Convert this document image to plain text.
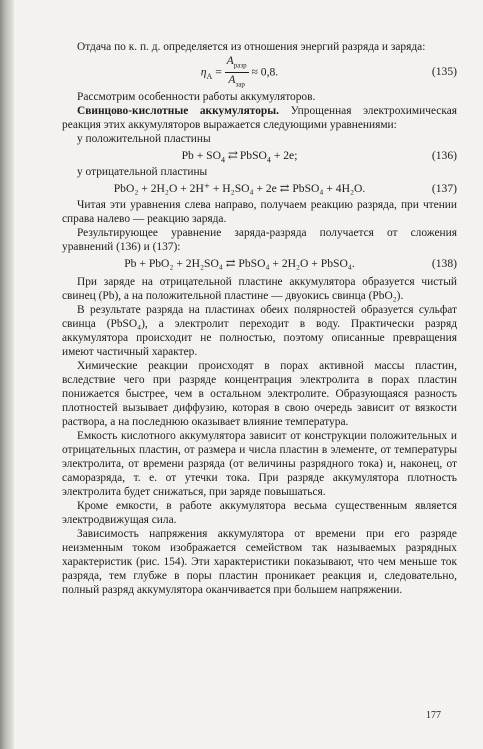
Отдача по к. п. д. определяется из отношения энергий разряда и заряда:

$\eta_A = \frac{A_{разр}}{A_{зар}} \approx 0,8$.	(135)

Рассмотрим особенности работы аккумуляторов.

Свинцово-кислотные аккумуляторы. Упрощенная электрохимическая реакция этих аккумуляторов выражается следующими уравнениями:

у положительной пластины

$Pb + SO_4$ ⇄ PbSO$_4$ + 2e;	(136)

у отрицательной пластины

PbO₂ + 2H₂O + 2H⁺ + H₂SO₄ + 2e ⇄ PbSO₄ + 4H₂O.	(137)

Читая эти уравнения слева направо, получаем реакцию разряда, при чтении справа налево — реакцию заряда.

Результирующее уравнение заряда-разряда получается от сложения уравнений (136) и (137):

Pb + PbO₂ + 2H₂SO₄ ⇄ PbSO₄ + 2H₂O + PbSO₄.	(138)

При заряде на отрицательной пластине аккумулятора образуется чистый свинец (Pb), а на положительной пластине — двуокись свинца (PbO₂).

В результате разряда на пластинах обеих полярностей образуется сульфат свинца (PbSO₄), а электролит переходит в воду. Практически разряд аккумулятора происходит не полностью, поэтому описанные превращения имеют частичный характер.

Химические реакции происходят в порах активной массы пластин, вследствие чего при разряде концентрация электролита в порах пластин понижается быстрее, чем в остальном электролите. Образующаяся разность плотностей вызывает диффузию, которая в свою очередь зависит от вязкости раствора, а на последнюю оказывает влияние температура.

Емкость кислотного аккумулятора зависит от конструкции положительных и отрицательных пластин, от размера и числа пластин в элементе, от температуры электролита, от времени разряда (от величины разрядного тока) и, наконец, от саморазряда, т. е. от утечки тока. При разряде аккумулятора плотность электролита будет снижаться, при заряде повышаться.

Кроме емкости, в работе аккумулятора весьма существенным является электродвижущая сила.

Зависимость напряжения аккумулятора от времени при его разряде неизменным током изображается семейством так называемых разрядных характеристик (рис. 154). Эти характеристики показывают, что чем меньше ток разряда, тем глубже в поры пластин проникает реакция и, следовательно, полный разряд аккумулятора оканчивается при большем напряжении.

177
